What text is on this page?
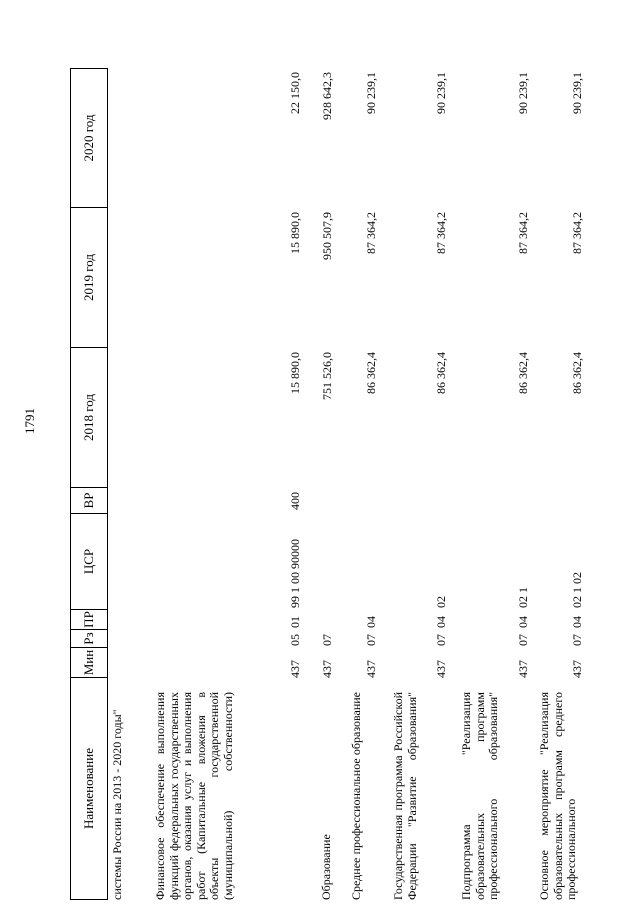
1791
Наименование
Мин
Рз
ПР
ЦСР
ВР
2018 год
2019 год
2020 год
системы России на 2013 - 2020 годы" Финансовое обеспечение выполнения функций федеральных государственных органов, оказания услуг и выполнения работ (Капитальные вложения в объекты государственной (муниципальной) собственности)
437
05
01
99 1 00 90000
400
15 890,0
15 890,0
22 150,0
Образование
437
07
751 526,0
950 507,9
928 642,3
Среднее профессиональное образование
437
07
04
86 362,4
87 364,2
90 239,1
Государственная программа Российской Федерации "Развитие образования"
437
07
04
02
86 362,4
87 364,2
90 239,1
Подпрограмма "Реализация образовательных программ профессионального образования"
437
07
04
02 1
86 362,4
87 364,2
90 239,1
Основное мероприятие "Реализация образовательных программ среднего профессионального
437
07
04
02 1 02
86 362,4
87 364,2
90 239,1
